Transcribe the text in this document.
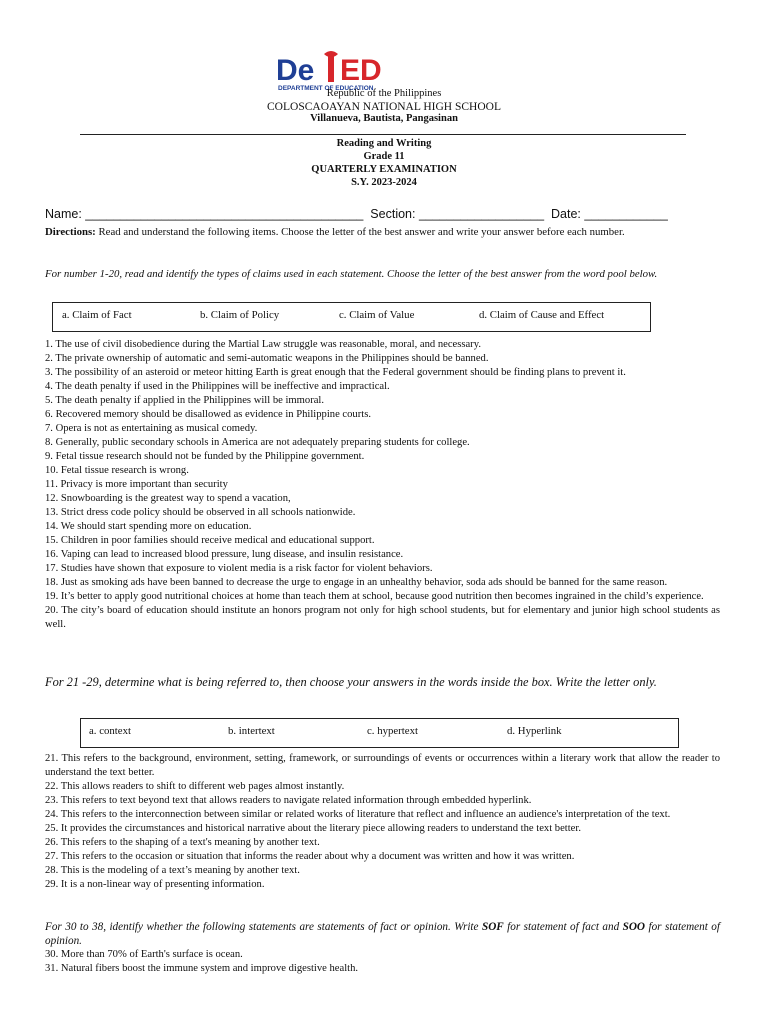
De ED
DEPARTMENT OF EDUCATION
Republic of the Philippines
COLOSCAOAYAN NATIONAL HIGH SCHOOL
Villanueva, Bautista, Pangasinan
Reading and Writing
Grade 11
QUARTERLY EXAMINATION
S.Y. 2023-2024
Name: ________________________________________  Section: __________________  Date: ____________
Directions: Read and understand the following items. Choose the letter of the best answer and write your answer before each number.
For number 1-20, read and identify the types of claims used in each statement. Choose the letter of the best answer from the word pool below.
a. Claim of Fact	b. Claim of Policy	c. Claim of Value	d. Claim of Cause and Effect
1. The use of civil disobedience during the Martial Law struggle was reasonable, moral, and necessary.
2. The private ownership of automatic and semi-automatic weapons in the Philippines should be banned.
3. The possibility of an asteroid or meteor hitting Earth is great enough that the Federal government should be finding plans to prevent it.
4. The death penalty if used in the Philippines will be ineffective and impractical.
5. The death penalty if applied in the Philippines will be immoral.
6. Recovered memory should be disallowed as evidence in Philippine courts.
7. Opera is not as entertaining as musical comedy.
8. Generally, public secondary schools in America are not adequately preparing students for college.
9. Fetal tissue research should not be funded by the Philippine government.
10. Fetal tissue research is wrong.
11. Privacy is more important than security
12. Snowboarding is the greatest way to spend a vacation,
13. Strict dress code policy should be observed in all schools nationwide.
14. We should start spending more on education.
15. Children in poor families should receive medical and educational support.
16. Vaping can lead to increased blood pressure, lung disease, and insulin resistance.
17. Studies have shown that exposure to violent media is a risk factor for violent behaviors.
18. Just as smoking ads have been banned to decrease the urge to engage in an unhealthy behavior, soda ads should be banned for the same reason.
19. It’s better to apply good nutritional choices at home than teach them at school, because good nutrition then becomes ingrained in the child’s experience.
20. The city’s board of education should institute an honors program not only for high school students, but for elementary and junior high school students as well.
For 21 -29, determine what is being referred to, then choose your answers in the words inside the box. Write the letter only.
a. context	b. intertext	c. hypertext	d. Hyperlink
21. This refers to the background, environment, setting, framework, or surroundings of events or occurrences within a literary work that allow the reader to understand the text better.
22. This allows readers to shift to different web pages almost instantly.
23. This refers to text beyond text that allows readers to navigate related information through embedded hyperlink.
24. This refers to the interconnection between similar or related works of literature that reflect and influence an audience's interpretation of the text.
25. It provides the circumstances and historical narrative about the literary piece allowing readers to understand the text better.
26. This refers to the shaping of a text's meaning by another text.
27. This refers to the occasion or situation that informs the reader about why a document was written and how it was written.
28. This is the modeling of a text’s meaning by another text.
29. It is a non-linear way of presenting information.
For 30 to 38, identify whether the following statements are statements of fact or opinion. Write SOF for statement of fact and SOO for statement of opinion.
30. More than 70% of Earth's surface is ocean.
31. Natural fibers boost the immune system and improve digestive health.
